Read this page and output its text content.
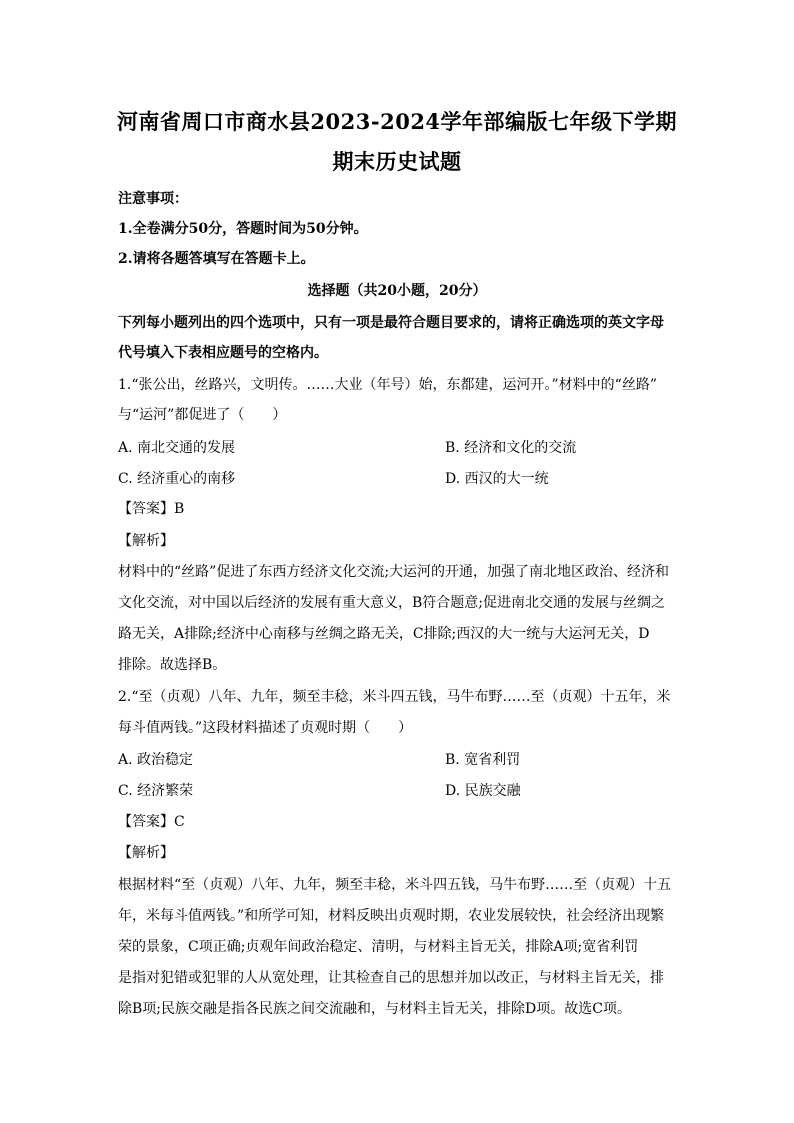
河南省周口市商水县2023-2024学年部编版七年级下学期
期末历史试题
注意事项：
1.全卷满分50分，答题时间为50分钟。
2.请将各题答填写在答题卡上。
选择题（共20小题，20分）
下列每小题列出的四个选项中，只有一项是最符合题目要求的，请将正确选项的英文字母
代号填入下表相应题号的空格内。
1.“张公出，丝路兴，文明传。……大业（年号）始，东都建，运河开。”材料中的“丝路”
与“运河”都促进了（　　）
A. 南北交通的发展	B. 经济和文化的交流
C. 经济重心的南移	D. 西汉的大一统
【答案】B
【解析】
材料中的“丝路”促进了东西方经济文化交流;大运河的开通，加强了南北地区政治、经济和
文化交流，对中国以后经济的发展有重大意义，B符合题意;促进南北交通的发展与丝绸之
路无关，A排除;经济中心南移与丝绸之路无关，C排除;西汉的大一统与大运河无关，D
排除。故选择B。
2.“至（贞观）八年、九年，频至丰稔，米斗四五钱，马牛布野……至（贞观）十五年，米
每斗值两钱。”这段材料描述了贞观时期（　　）
A. 政治稳定	B. 宽省利罚
C. 经济繁荣	D. 民族交融
【答案】C
【解析】
根据材料“至（贞观）八年、九年，频至丰稔，米斗四五钱，马牛布野……至（贞观）十五
年，米每斗值两钱。”和所学可知，材料反映出贞观时期，农业发展较快，社会经济出现繁
荣的景象，C项正确;贞观年间政治稳定、清明，与材料主旨无关，排除A项;宽省利罚
是指对犯错或犯罪的人从宽处理，让其检查自己的思想并加以改正，与材料主旨无关，排
除B项;民族交融是指各民族之间交流融和，与材料主旨无关，排除D项。故选C项。
